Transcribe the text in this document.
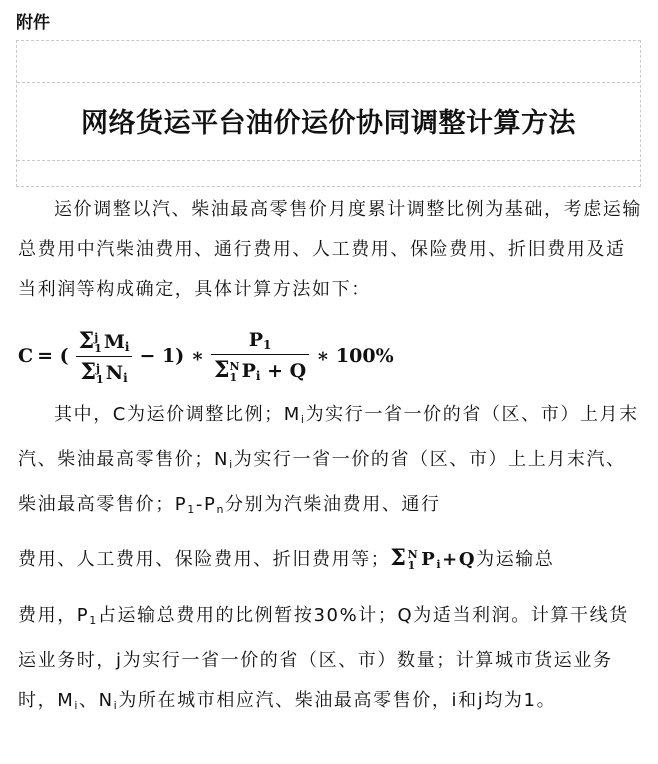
附件
网络货运平台油价运价协同调整计算方法

运价调整以汽、柴油最高零售价月度累计调整比例为基础，考虑运输总费用中汽柴油费用、通行费用、人工费用、保险费用、折旧费用及适当利润等构成确定，具体计算方法如下：

C = ( Σ j
1 $M_i$
Σ j
1 $N_i - 1$) ∗ $P_1$
Σ N
1 $P_i + Q$ ∗ 100%

其中，C为运价调整比例；Mi为实行一省一价的省（区、市）上月末汽、柴油最高零售价；Ni为实行一省一价的省（区、市）上上月末汽、柴油最高零售价；P1-Pn分别为汽柴油费用、通行

费用、人工费用、保险费用、折旧费用等；Σ N
1 Pi+Q为运输总

费用，P1占运输总费用的比例暂按30%计；Q为适当利润。计算干线货运业务时，j为实行一省一价的省（区、市）数量；计算城市货运业务时，Mi、Ni为所在城市相应汽、柴油最高零售价，i和j均为1。
